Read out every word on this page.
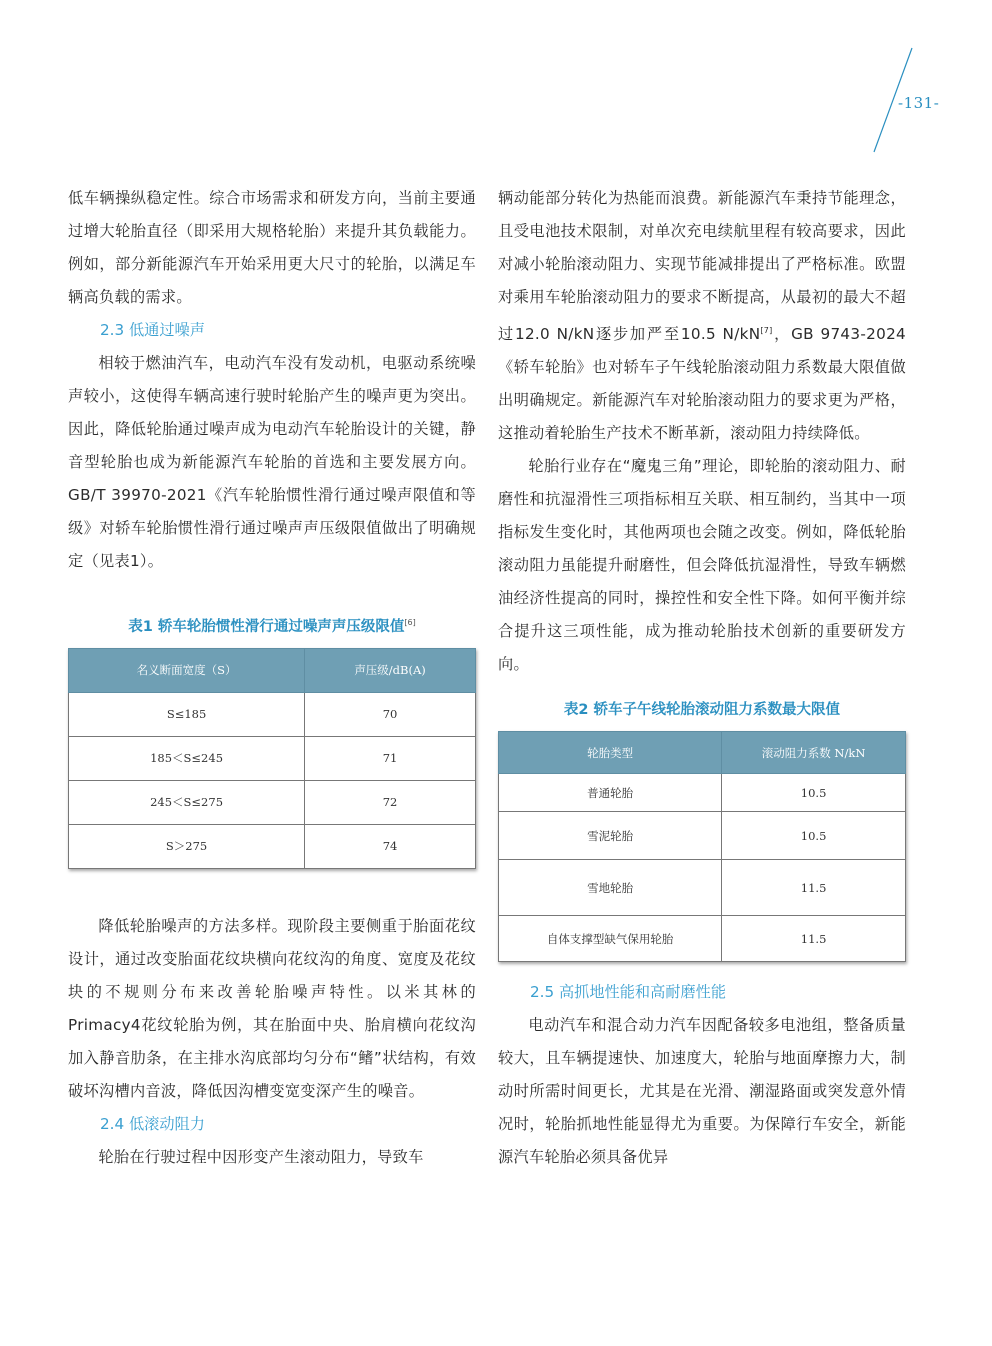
-131-

低车辆操纵稳定性。综合市场需求和研发方向，当前主要通过增大轮胎直径（即采用大规格轮胎）来提升其负载能力。例如，部分新能源汽车开始采用更大尺寸的轮胎，以满足车辆高负载的需求。

2.3 低通过噪声

相较于燃油汽车，电动汽车没有发动机，电驱动系统噪声较小，这使得车辆高速行驶时轮胎产生的噪声更为突出。因此，降低轮胎通过噪声成为电动汽车轮胎设计的关键，静音型轮胎也成为新能源汽车轮胎的首选和主要发展方向。GB/T 39970-2021《汽车轮胎惯性滑行通过噪声限值和等级》对轿车轮胎惯性滑行通过噪声声压级限值做出了明确规定（见表1）。

表1 轿车轮胎惯性滑行通过噪声声压级限值[6]
名义断面宽度（S）	声压级/dB(A)
S≤185	70
185＜S≤245	71
245＜S≤275	72
S＞275	74

降低轮胎噪声的方法多样。现阶段主要侧重于胎面花纹设计，通过改变胎面花纹块横向花纹沟的角度、宽度及花纹块的不规则分布来改善轮胎噪声特性。以米其林的Primacy4花纹轮胎为例，其在胎面中央、胎肩横向花纹沟加入静音肋条，在主排水沟底部均匀分布“鳍”状结构，有效破坏沟槽内音波，降低因沟槽变宽变深产生的噪音。

2.4 低滚动阻力

轮胎在行驶过程中因形变产生滚动阻力，导致车

辆动能部分转化为热能而浪费。新能源汽车秉持节能理念，且受电池技术限制，对单次充电续航里程有较高要求，因此对减小轮胎滚动阻力、实现节能减排提出了严格标准。欧盟对乘用车轮胎滚动阻力的要求不断提高，从最初的最大不超过12.0 N/kN逐步加严至10.5 N/kN[7]，GB 9743-2024《轿车轮胎》也对轿车子午线轮胎滚动阻力系数最大限值做出明确规定。新能源汽车对轮胎滚动阻力的要求更为严格，这推动着轮胎生产技术不断革新，滚动阻力持续降低。

轮胎行业存在“魔鬼三角”理论，即轮胎的滚动阻力、耐磨性和抗湿滑性三项指标相互关联、相互制约，当其中一项指标发生变化时，其他两项也会随之改变。例如，降低轮胎滚动阻力虽能提升耐磨性，但会降低抗湿滑性，导致车辆燃油经济性提高的同时，操控性和安全性下降。如何平衡并综合提升这三项性能，成为推动轮胎技术创新的重要研发方向。

表2 轿车子午线轮胎滚动阻力系数最大限值
轮胎类型	滚动阻力系数 N/kN
普通轮胎	10.5
雪泥轮胎	10.5
雪地轮胎	11.5
自体支撑型缺气保用轮胎	11.5
2.5 高抓地性能和高耐磨性能

电动汽车和混合动力汽车因配备较多电池组，整备质量较大，且车辆提速快、加速度大，轮胎与地面摩擦力大，制动时所需时间更长，尤其是在光滑、潮湿路面或突发意外情况时，轮胎抓地性能显得尤为重要。为保障行车安全，新能源汽车轮胎必须具备优异
